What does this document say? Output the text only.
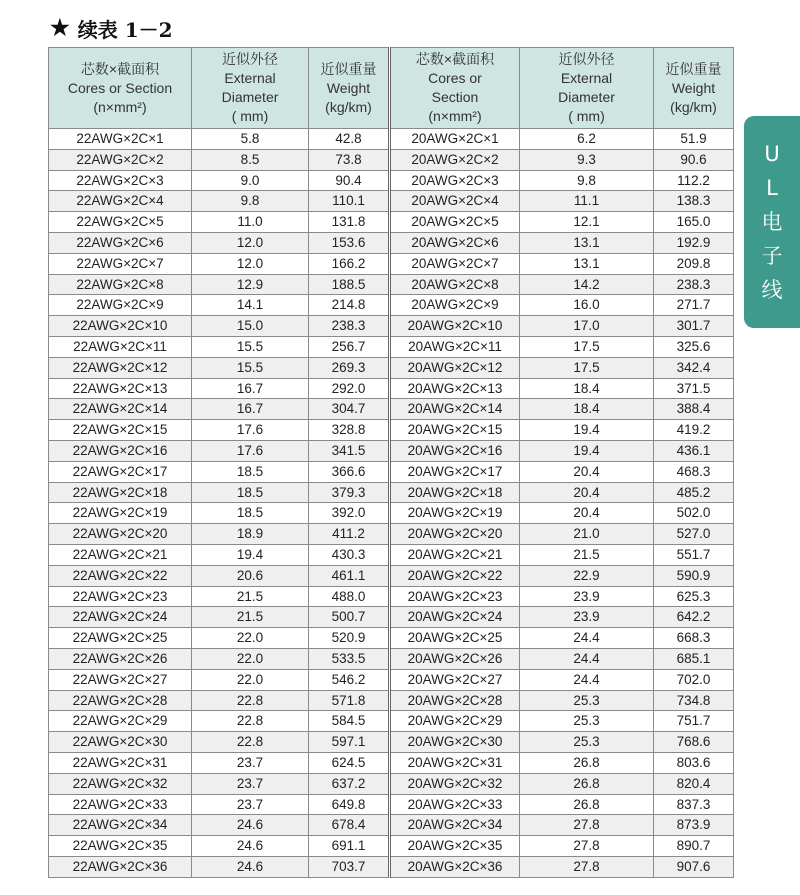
★ 续表 1－2
芯数×截面积
Cores or Section
(n×mm²)	近似外径
External
Diameter
( mm)	近似重量
Weight
(kg/km)	芯数×截面积
Cores or
Section
(n×mm²)	近似外径
External
Diameter
( mm)	近似重量
Weight
(kg/km)
22AWG×2C×1	5.8	42.8	20AWG×2C×1	6.2	51.9
22AWG×2C×2	8.5	73.8	20AWG×2C×2	9.3	90.6
22AWG×2C×3	9.0	90.4	20AWG×2C×3	9.8	112.2
22AWG×2C×4	9.8	110.1	20AWG×2C×4	11.1	138.3
22AWG×2C×5	11.0	131.8	20AWG×2C×5	12.1	165.0
22AWG×2C×6	12.0	153.6	20AWG×2C×6	13.1	192.9
22AWG×2C×7	12.0	166.2	20AWG×2C×7	13.1	209.8
22AWG×2C×8	12.9	188.5	20AWG×2C×8	14.2	238.3
22AWG×2C×9	14.1	214.8	20AWG×2C×9	16.0	271.7
22AWG×2C×10	15.0	238.3	20AWG×2C×10	17.0	301.7
22AWG×2C×11	15.5	256.7	20AWG×2C×11	17.5	325.6
22AWG×2C×12	15.5	269.3	20AWG×2C×12	17.5	342.4
22AWG×2C×13	16.7	292.0	20AWG×2C×13	18.4	371.5
22AWG×2C×14	16.7	304.7	20AWG×2C×14	18.4	388.4
22AWG×2C×15	17.6	328.8	20AWG×2C×15	19.4	419.2
22AWG×2C×16	17.6	341.5	20AWG×2C×16	19.4	436.1
22AWG×2C×17	18.5	366.6	20AWG×2C×17	20.4	468.3
22AWG×2C×18	18.5	379.3	20AWG×2C×18	20.4	485.2
22AWG×2C×19	18.5	392.0	20AWG×2C×19	20.4	502.0
22AWG×2C×20	18.9	411.2	20AWG×2C×20	21.0	527.0
22AWG×2C×21	19.4	430.3	20AWG×2C×21	21.5	551.7
22AWG×2C×22	20.6	461.1	20AWG×2C×22	22.9	590.9
22AWG×2C×23	21.5	488.0	20AWG×2C×23	23.9	625.3
22AWG×2C×24	21.5	500.7	20AWG×2C×24	23.9	642.2
22AWG×2C×25	22.0	520.9	20AWG×2C×25	24.4	668.3
22AWG×2C×26	22.0	533.5	20AWG×2C×26	24.4	685.1
22AWG×2C×27	22.0	546.2	20AWG×2C×27	24.4	702.0
22AWG×2C×28	22.8	571.8	20AWG×2C×28	25.3	734.8
22AWG×2C×29	22.8	584.5	20AWG×2C×29	25.3	751.7
22AWG×2C×30	22.8	597.1	20AWG×2C×30	25.3	768.6
22AWG×2C×31	23.7	624.5	20AWG×2C×31	26.8	803.6
22AWG×2C×32	23.7	637.2	20AWG×2C×32	26.8	820.4
22AWG×2C×33	23.7	649.8	20AWG×2C×33	26.8	837.3
22AWG×2C×34	24.6	678.4	20AWG×2C×34	27.8	873.9
22AWG×2C×35	24.6	691.1	20AWG×2C×35	27.8	890.7
22AWG×2C×36	24.6	703.7	20AWG×2C×36	27.8	907.6
U
L
电
子
线
